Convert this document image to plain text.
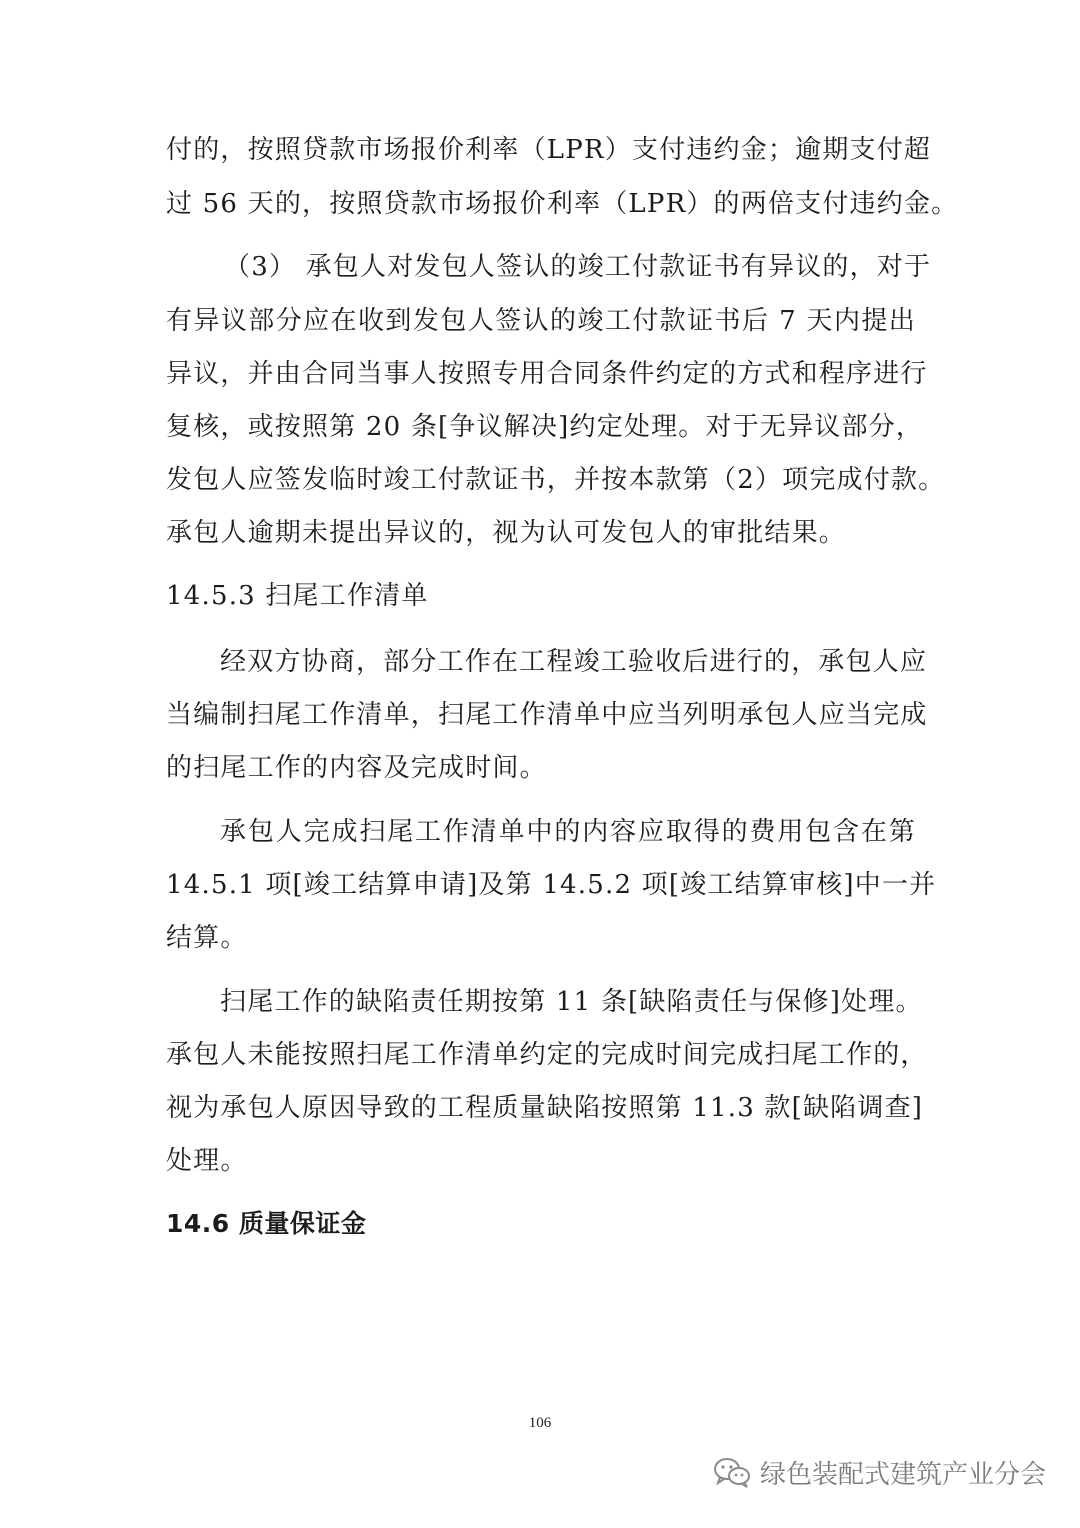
付的，按照贷款市场报价利率（LPR）支付违约金；逾期支付超
过 56 天的，按照贷款市场报价利率（LPR）的两倍支付违约金。
（3） 承包人对发包人签认的竣工付款证书有异议的，对于
有异议部分应在收到发包人签认的竣工付款证书后 7 天内提出
异议，并由合同当事人按照专用合同条件约定的方式和程序进行
复核，或按照第 20 条[争议解决]约定处理。对于无异议部分，
发包人应签发临时竣工付款证书，并按本款第（2）项完成付款。
承包人逾期未提出异议的，视为认可发包人的审批结果。
14.5.3 扫尾工作清单
经双方协商，部分工作在工程竣工验收后进行的，承包人应
当编制扫尾工作清单，扫尾工作清单中应当列明承包人应当完成
的扫尾工作的内容及完成时间。
承包人完成扫尾工作清单中的内容应取得的费用包含在第
14.5.1 项[竣工结算申请]及第 14.5.2 项[竣工结算审核]中一并
结算。
扫尾工作的缺陷责任期按第 11 条[缺陷责任与保修]处理。
承包人未能按照扫尾工作清单约定的完成时间完成扫尾工作的，
视为承包人原因导致的工程质量缺陷按照第 11.3 款[缺陷调查]
处理。
14.6 质量保证金
106
绿色装配式建筑产业分会
